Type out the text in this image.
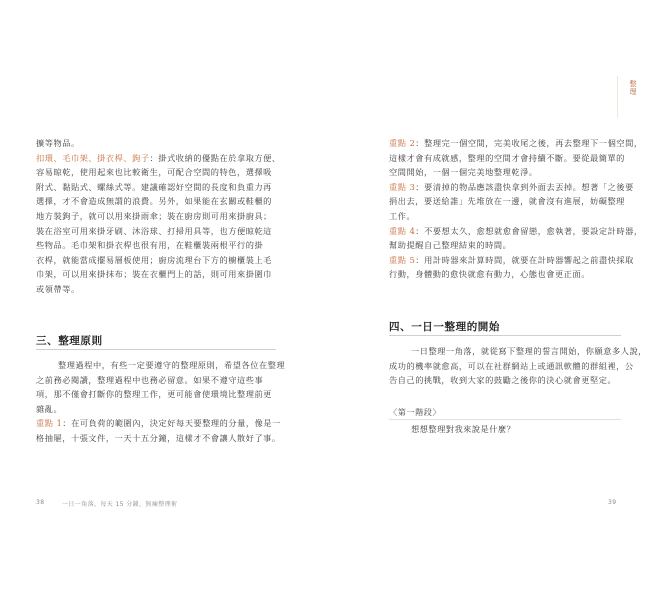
整理
擴等物品。
扣環、毛巾架、掛衣桿、鉤子：掛式收納的優點在於拿取方便、
容易晾乾，使用起來也比較衛生，可配合空間的特色，選擇吸
附式、黏貼式、螺絲式等。建議確認好空間的長度和負重力再
選擇，才不會造成無謂的浪費。另外，如果能在玄關或鞋櫃的
地方裝鉤子，就可以用來掛雨傘；裝在廚房則可用來掛廚具；
裝在浴室可用來掛牙刷、沐浴球、打掃用具等，也方便晾乾這
些物品。毛巾架和掛衣桿也很有用，在鞋櫃裝兩根平行的掛
衣桿，就能當成擺易層板使用；廚房流理台下方的櫥櫃裝上毛
巾架，可以用來掛抹布；裝在衣櫃門上的話，則可用來掛圍巾
或領帶等。
三、整理原則
整理過程中，有些一定要遵守的整理原則，希望各位在整理
之前務必閱讀，整理過程中也務必留意。如果不遵守這些事
項，那不僅會打斷你的整理工作，更可能會使環境比整理前更
雜亂。
重點 1：在可負荷的範圍內，決定好每天要整理的分量，像是一
格抽屜，十張文件，一天十五分鐘，這樣才不會讓人散好了事。
38	一日一角落，每天 15 分鐘，無痛整理術
重點 2：整理完一個空間，完美收尾之後，再去整理下一個空間，
這樣才會有成就感，整理的空間才會持續不斷。要從最簡單的
空間開始，一個一個完美地整理乾淨。
重點 3：要清掉的物品應該盡快拿到外面去丟掉。想著「之後要
捐出去，要送給誰」先堆放在一邊，就會沒有進展，妨礙整理
工作。
重點 4：不要想太久，愈想就愈會留戀，愈執著，要設定計時器，
幫助提醒自己整理結束的時間。
重點 5：用計時器來計算時間，就要在計時器響起之前盡快採取
行動，身體動的愈快就愈有動力，心態也會更正面。
四、一日一整理的開始
一日整理一角落，就從寫下整理的誓言開始，你願意多人說，
成功的機率就愈高，可以在社群網站上或通訊軟體的群組裡，公
告自己的挑戰，收到大家的鼓勵之後你的決心就會更堅定。
〈第一階段〉
想想整理對我來說是什麼？
39
